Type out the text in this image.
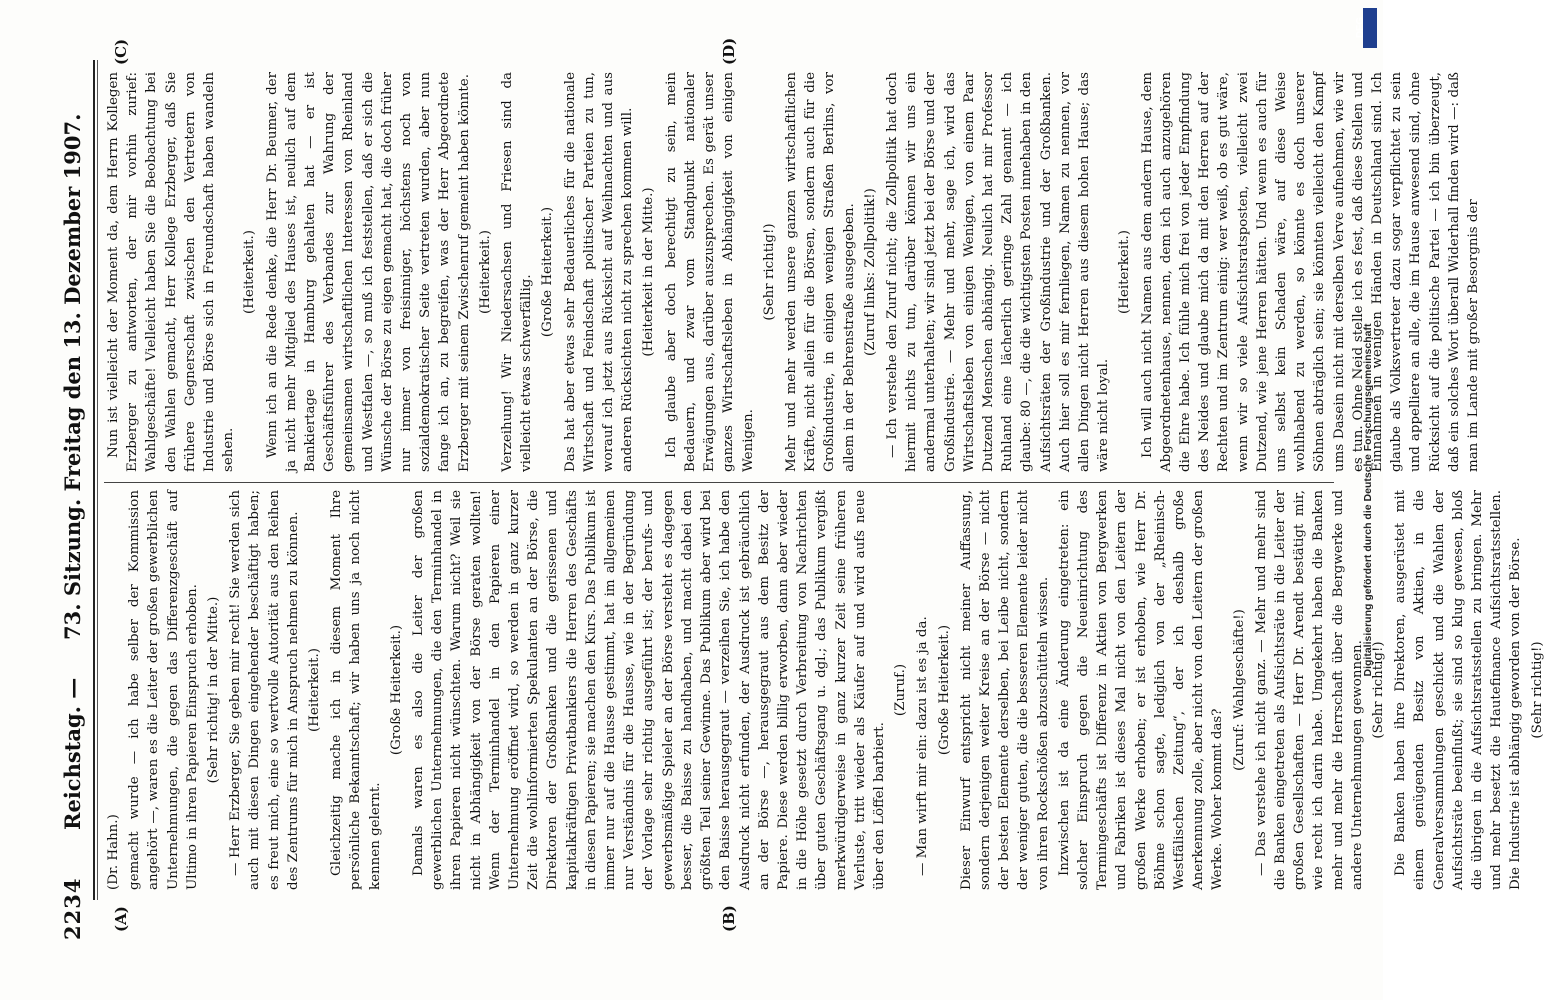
2234
Reichstag. —
73. Sitzung. Freitag den 13. Dezember 1907.
(A)	(B)
(C)	(D)

(Dr. Hahn.) gemacht wurde — ich habe selber der Kommission angehört —, waren es die Leiter der großen gewerblichen Unternehmungen, die gegen das Differenzgeschäft auf Ultimo in ihren Papieren Einspruch erhoben. (Sehr richtig! in der Mitte.) — Herr Erzberger, Sie geben mir recht! Sie werden sich auch mit diesen Dingen eingehender beschäftigt haben; es freut mich, eine so wertvolle Autorität aus den Reihen des Zentrums für mich in Anspruch nehmen zu können. (Heiterkeit.) Gleichzeitig mache ich in diesem Moment Ihre persönliche Bekanntschaft; wir haben uns ja noch nicht kennen gelernt.

(Große Heiterkeit.) Damals waren es also die Leiter der großen gewerblichen Unternehmungen, die den Terminhandel in ihren Papieren nicht wünschten. Warum nicht? Weil sie nicht in Abhängigkeit von der Börse geraten wollten! Wenn der Terminhandel in den Papieren einer Unternehmung eröffnet wird, so werden in ganz kurzer Zeit die wohlinformierten Spekulanten an der Börse, die Direktoren der Großbanken und die gerissenen und kapitalkräftigen Privatbankiers die Herren des Geschäfts in diesen Papieren; sie machen den Kurs. Das Publikum ist immer nur auf die Hausse gestimmt, hat im allgemeinen nur Verständnis für die Hausse, wie in der Begründung der Vorlage sehr richtig ausgeführt ist; der berufs- und gewerbsmäßige Spieler an der Börse versteht es dagegen besser, die Baisse zu handhaben, und macht dabei den größten Teil seiner Gewinne. Das Publikum aber wird bei den Baisse herausgegraut — verzeihen Sie, ich habe den Ausdruck nicht erfunden, der Ausdruck ist gebräuchlich an der Börse —, herausgegraut aus dem Besitz der Papiere. Diese werden billig erworben, dann aber wieder in die Höhe gesetzt durch Verbreitung von Nachrichten über guten Geschäftsgang u. dgl.; das Publikum vergißt merkwürdigerweise in ganz kurzer Zeit seine früheren Verluste, tritt wieder als Käufer auf und wird aufs neue über den Löffel barbiert.

(Zuruf.) — Man wirft mir ein: dazu ist es ja da. (Große Heiterkeit.) Dieser Einwurf entspricht nicht meiner Auffassung, sondern derjenigen weiter Kreise an der Börse — nicht der besten Elemente derselben, bei Leibe nicht, sondern der weniger guten, die die besseren Elemente leider nicht von ihren Rockschößen abzuschütteln wissen. Inzwischen ist da eine Änderung eingetreten: ein solcher Einspruch gegen die Neueinrichtung des Termingeschäfts ist Differenz in Aktien von Bergwerken und Fabriken ist dieses Mal nicht von den Leitern der großen Werke erhoben; er ist erhoben, wie Herr Dr. Böhme schon sagte, lediglich von der „Rheinisch-Westfälischen Zeitung“, der ich deshalb große Anerkennung zolle, aber nicht von den Leitern der großen Werke. Woher kommt das?

(Zuruf: Wahlgeschäfte!) — Das verstehe ich nicht ganz. — Mehr und mehr sind die Banken eingetreten als Aufsichtsräte in die Leiter der großen Gesellschaften — Herr Dr. Arendt bestätigt mir, wie recht ich darin habe. Umgekehrt haben die Banken mehr und mehr die Herrschaft über die Bergwerke und andere Unternehmungen gewonnen. (Sehr richtig!) Die Banken haben ihre Direktoren, ausgerüstet mit einem genügenden Besitz von Aktien, in die Generalversammlungen geschickt und die Wahlen der Aufsichtsräte beeinflußt; sie sind so klug gewesen, bloß die übrigen in die Aufsichtsratsstellen zu bringen. Mehr und mehr besetzt die Hautefinance Aufsichtsratsstellen. Die Industrie ist abhängig geworden von der Börse. (Sehr richtig!)

Nun ist vielleicht der Moment da, dem Herrn Kollegen Erzberger zu antworten, der mir vorhin zurief: Wahlgeschäfte! Vielleicht haben Sie die Beobachtung bei den Wahlen gemacht, Herr Kollege Erzberger, daß Sie frühere Gegnerschaft zwischen den Vertretern von Industrie und Börse sich in Freundschaft haben wandeln sehen.

(Heiterkeit.) Wenn ich an die Rede denke, die Herr Dr. Beumer, der ja nicht mehr Mitglied des Hauses ist, neulich auf dem Bankiertage in Hamburg gehalten hat — er ist Geschäftsführer des Verbandes zur Wahrung der gemeinsamen wirtschaftlichen Interessen von Rheinland und Westfalen —, so muß ich feststellen, daß er sich die Wünsche der Börse zu eigen gemacht hat, die doch früher nur immer von freisinniger, höchstens noch von sozialdemokratischer Seite vertreten wurden, aber nun fange ich an, zu begreifen, was der Herr Abgeordnete Erzberger mit seinem Zwischenruf gemeint haben könnte. (Heiterkeit.) Verzeihung! Wir Niedersachsen und Friesen sind da vielleicht etwas schwerfällig.

(Große Heiterkeit.) Das hat aber etwas sehr Bedauerliches für die nationale Wirtschaft und Feindschaft politischer Parteien zu tun, worauf ich jetzt aus Rücksicht auf Weihnachten und aus anderen Rücksichten nicht zu sprechen kommen will. (Heiterkeit in der Mitte.) Ich glaube aber doch berechtigt zu sein, mein Bedauern, und zwar vom Standpunkt nationaler Erwägungen aus, darüber auszusprechen. Es gerät unser ganzes Wirtschaftsleben in Abhängigkeit von einigen Wenigen.

(Sehr richtig!) Mehr und mehr werden unsere ganzen wirtschaftlichen Kräfte, nicht allein für die Börsen, sondern auch für die Großindustrie, in einigen wenigen Straßen Berlins, vor allem in der Behrenstraße ausgegeben. (Zuruf links: Zollpolitik!) — Ich verstehe den Zuruf nicht; die Zollpolitik hat doch hiermit nichts zu tun, darüber können wir uns ein andermal unterhalten; wir sind jetzt bei der Börse und der Großindustrie. — Mehr und mehr, sage ich, wird das Wirtschaftsleben von einigen Wenigen, von einem Paar Dutzend Menschen abhängig. Neulich hat mir Professor Ruhland eine lächerlich geringe Zahl genannt — ich glaube: 80 —, die die wichtigsten Posten innehaben in den Aufsichtsräten der Großindustrie und der Großbanken. Auch hier soll es mir fernliegen, Namen zu nennen, vor allen Dingen nicht Herren aus diesem hohen Hause; das wäre nicht loyal.

(Heiterkeit.) Ich will auch nicht Namen aus dem andern Hause, dem Abgeordnetenhause, nennen, dem ich auch anzugehören die Ehre habe. Ich fühle mich frei von jeder Empfindung des Neides und glaube mich da mit den Herren auf der Rechten und im Zentrum einig: wer weiß, ob es gut wäre, wenn wir so viele Aufsichtsratsposten, vielleicht zwei Dutzend, wie jene Herren hätten. Und wenn es auch für uns selbst kein Schaden wäre, auf diese Weise wohlhabend zu werden, so könnte es doch unserer Söhnen abträglich sein; sie könnten vielleicht den Kampf ums Dasein nicht mit derselben Verve aufnehmen, wie wir es tun. Ohne Neid stelle ich es fest, daß diese Stellen und Einnahmen in wenigen Händen in Deutschland sind. Ich glaube als Volksvertreter dazu sogar verpflichtet zu sein und appelliere an alle, die im Hause anwesend sind, ohne Rücksicht auf die politische Partei — ich bin überzeugt, daß ein solches Wort überall Widerhall finden wird —: daß man im Lande mit großer Besorgnis der

Digitalisierung gefördert durch die Deutsche Forschungsgemeinschaft
DFG
